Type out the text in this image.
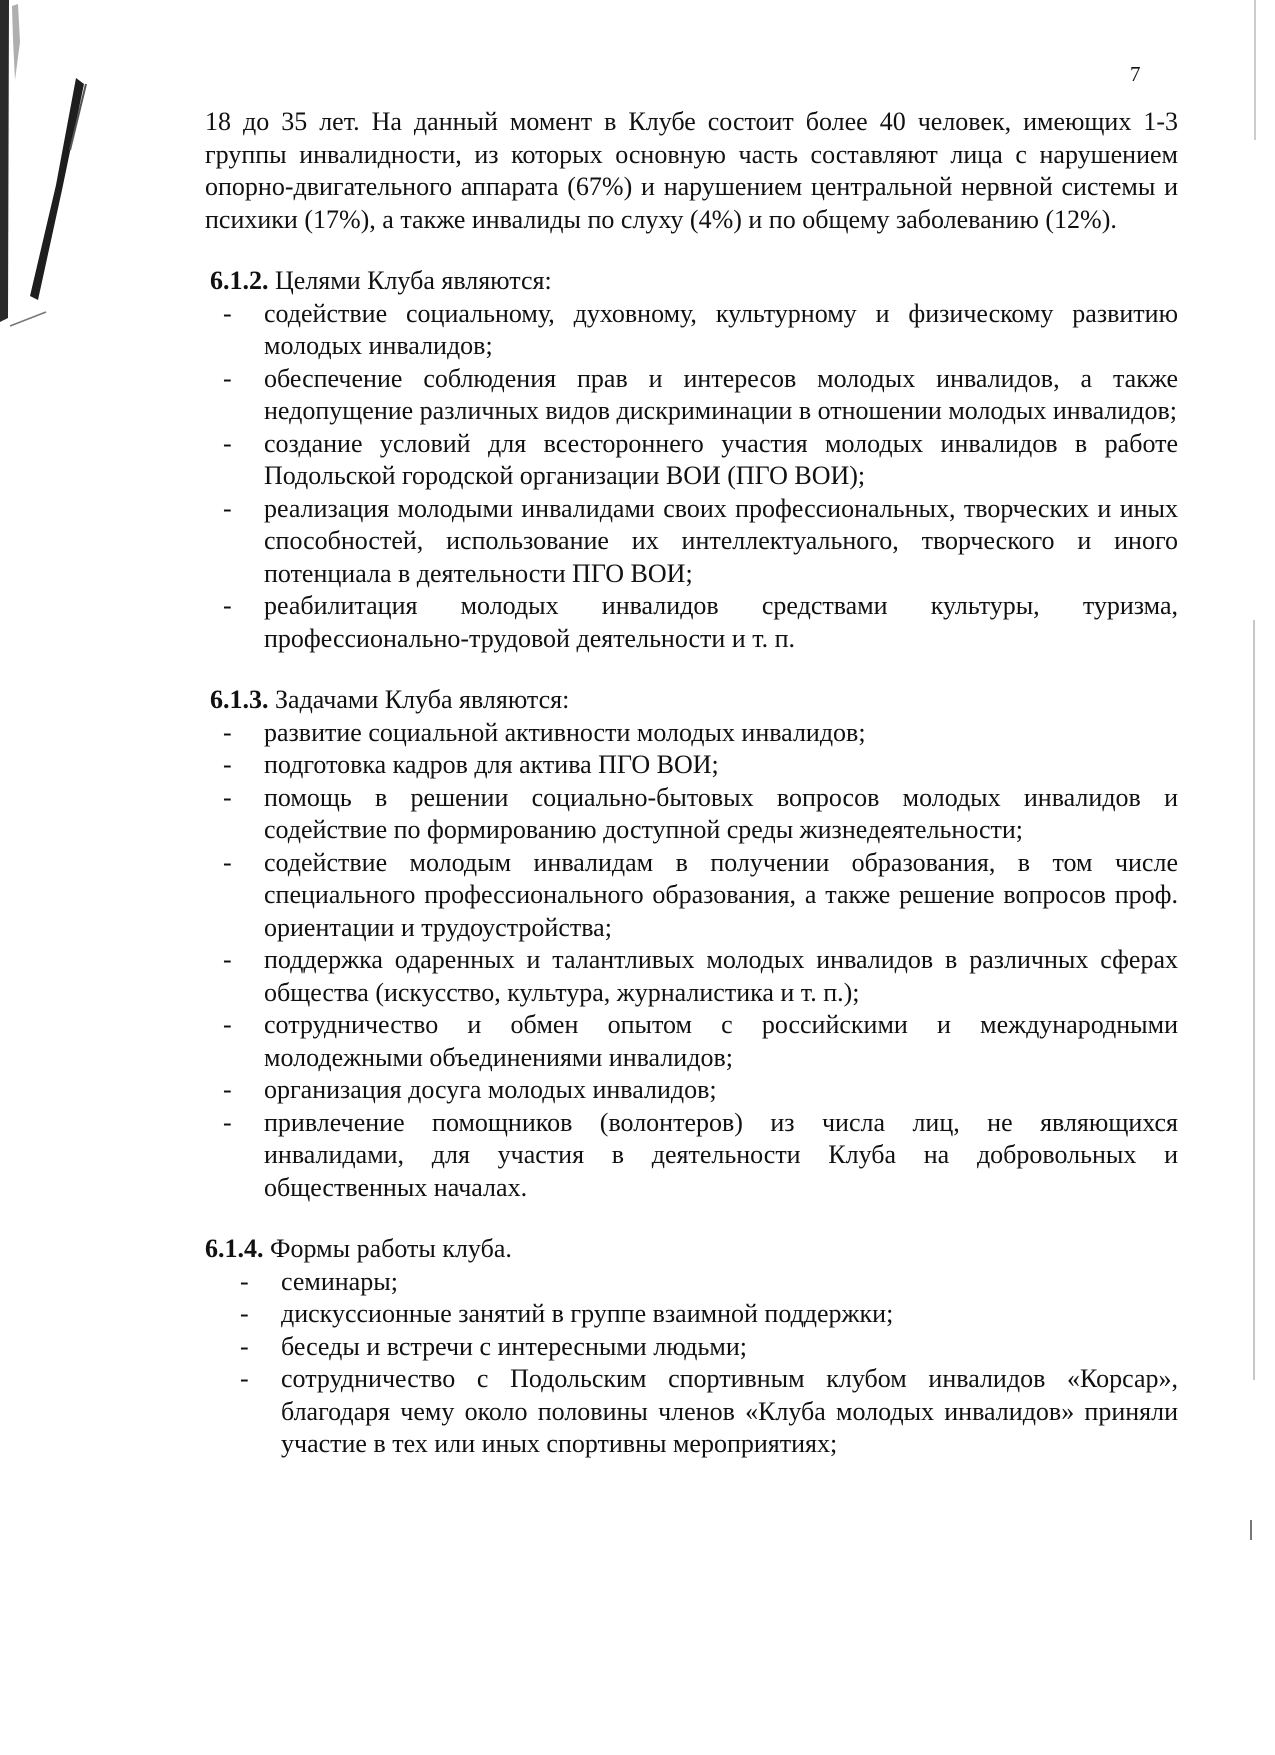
7

18 до 35 лет. На данный момент в Клубе состоит более 40 человек, имеющих 1-3 группы инвалидности, из которых основную часть составляют лица с нарушением опорно-двигательного аппарата (67%) и нарушением центральной нервной системы и психики (17%), а также инвалиды по слуху (4%) и по общему заболеванию (12%).

6.1.2. Целями Клуба являются:

- содействие социальному, духовному, культурному и физическому развитию молодых инвалидов;
- обеспечение соблюдения прав и интересов молодых инвалидов, а также недопущение различных видов дискриминации в отношении молодых инвалидов;
- создание условий для всестороннего участия молодых инвалидов в работе Подольской городской организации ВОИ (ПГО ВОИ);
- реализация молодыми инвалидами своих профессиональных, творческих и иных способностей, использование их интеллектуального, творческого и иного потенциала в деятельности ПГО ВОИ;
- реабилитация молодых инвалидов средствами культуры, туризма, профессионально-трудовой деятельности и т. п.

6.1.3. Задачами Клуба являются:

- развитие социальной активности молодых инвалидов;
- подготовка кадров для актива ПГО ВОИ;
- помощь в решении социально-бытовых вопросов молодых инвалидов и содействие по формированию доступной среды жизнедеятельности;
- содействие молодым инвалидам в получении образования, в том числе специального профессионального образования, а также решение вопросов проф. ориентации и трудоустройства;
- поддержка одаренных и талантливых молодых инвалидов в различных сферах общества (искусство, культура, журналистика и т. п.);
- сотрудничество и обмен опытом с российскими и международными молодежными объединениями инвалидов;
- организация досуга молодых инвалидов;
- привлечение помощников (волонтеров) из числа лиц, не являющихся инвалидами, для участия в деятельности Клуба на добровольных и общественных началах.

6.1.4. Формы работы клуба.

- семинары;
- дискуссионные занятий в группе взаимной поддержки;
- беседы и встречи с интересными людьми;
- сотрудничество с Подольским спортивным клубом инвалидов «Корсар», благодаря чему около половины членов «Клуба молодых инвалидов» приняли участие в тех или иных спортивны мероприятиях;
